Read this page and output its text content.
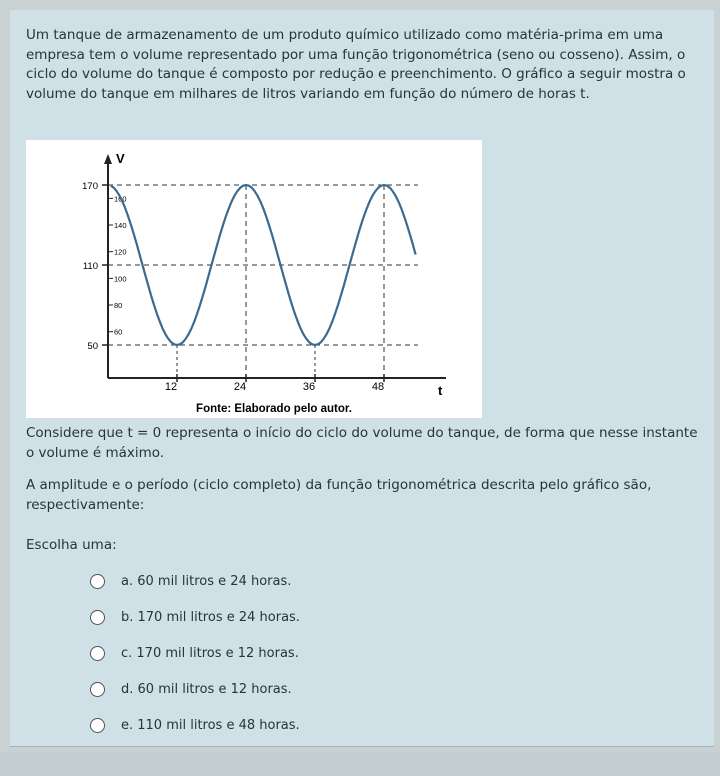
Um tanque de armazenamento de um produto químico utilizado como matéria-prima em uma empresa tem o volume representado por uma função trigonométrica (seno ou cosseno). Assim, o ciclo do volume do tanque é composto por redução e preenchimento. O gráfico a seguir mostra o volume do tanque em milhares de litros variando em função do número de horas t.
V
t
170
110
50
160
140
120
100
80
60
12	24	36	48
Fonte: Elaborado pelo autor.
Considere que t = 0 representa o início do ciclo do volume do tanque, de forma que nesse instante o volume é máximo.
A amplitude e o período (ciclo completo) da função trigonométrica descrita pelo gráfico são, respectivamente:
Escolha uma:
a. 60 mil litros e 24 horas.
b. 170 mil litros e 24 horas.
c. 170 mil litros e 12 horas.
d. 60 mil litros e 12 horas.
e. 110 mil litros e 48 horas.
